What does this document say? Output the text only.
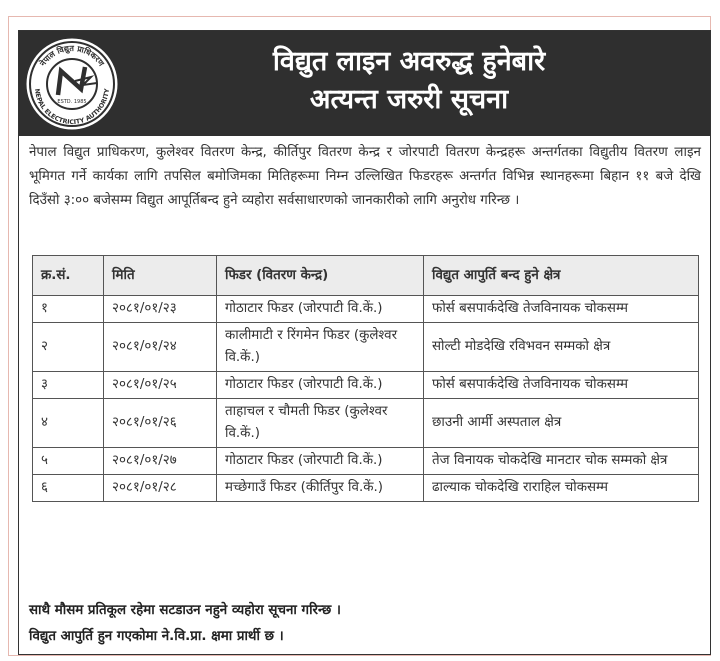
नेपाल विद्युत प्राधिकरण
NEPAL ELECTRICITY AUTHORITY
ESTD. 1985
विद्युत लाइन अवरुद्ध हुनेबारे
अत्यन्त जरुरी सूचना
नेपाल विद्युत प्राधिकरण, कुलेश्वर वितरण केन्द्र, कीर्तिपुर वितरण केन्द्र र जोरपाटी वितरण केन्द्रहरू अन्तर्गतका विद्युतीय वितरण लाइन भूमिगत गर्ने कार्यका लागि तपसिल बमोजिमका मितिहरूमा निम्न उल्लिखित फिडरहरू अन्तर्गत विभिन्न स्थानहरूमा बिहान ११ बजे देखि दिउँसो ३:०० बजेसम्म विद्युत आपूर्तिबन्द हुने व्यहोरा सर्वसाधारणको जानकारीको लागि अनुरोध गरिन्छ ।
क्र.सं.	मिति	फिडर (वितरण केन्द्र)	विद्युत आपुर्ति बन्द हुने क्षेत्र
१	२०८१/०१/२३	गोठाटार फिडर (जोरपाटी वि.कें.)	फोर्स बसपार्कदेखि तेजविनायक चोकसम्म
२	२०८१/०१/२४	कालीमाटी र रिंगमेन फिडर (कुलेश्वर वि.कें.)	सोल्टी मोडदेखि रविभवन सम्मको क्षेत्र
३	२०८१/०१/२५	गोठाटार फिडर (जोरपाटी वि.कें.)	फोर्स बसपार्कदेखि तेजविनायक चोकसम्म
४	२०८१/०१/२६	ताहाचल र चौमती फिडर (कुलेश्वर वि.कें.)	छाउनी आर्मी अस्पताल क्षेत्र
५	२०८१/०१/२७	गोठाटार फिडर (जोरपाटी वि.कें.)	तेज विनायक चोकदेखि मानटार चोक सम्मको क्षेत्र
६	२०८१/०१/२८	मच्छेगाउँ फिडर (कीर्तिपुर वि.कें.)	ढाल्याक चोकदेखि राराहिल चोकसम्म
साथै मौसम प्रतिकूल रहेमा सटडाउन नहुने व्यहोरा सूचना गरिन्छ ।
विद्युत आपुर्ति हुन गएकोमा ने.वि.प्रा. क्षमा प्रार्थी छ ।
